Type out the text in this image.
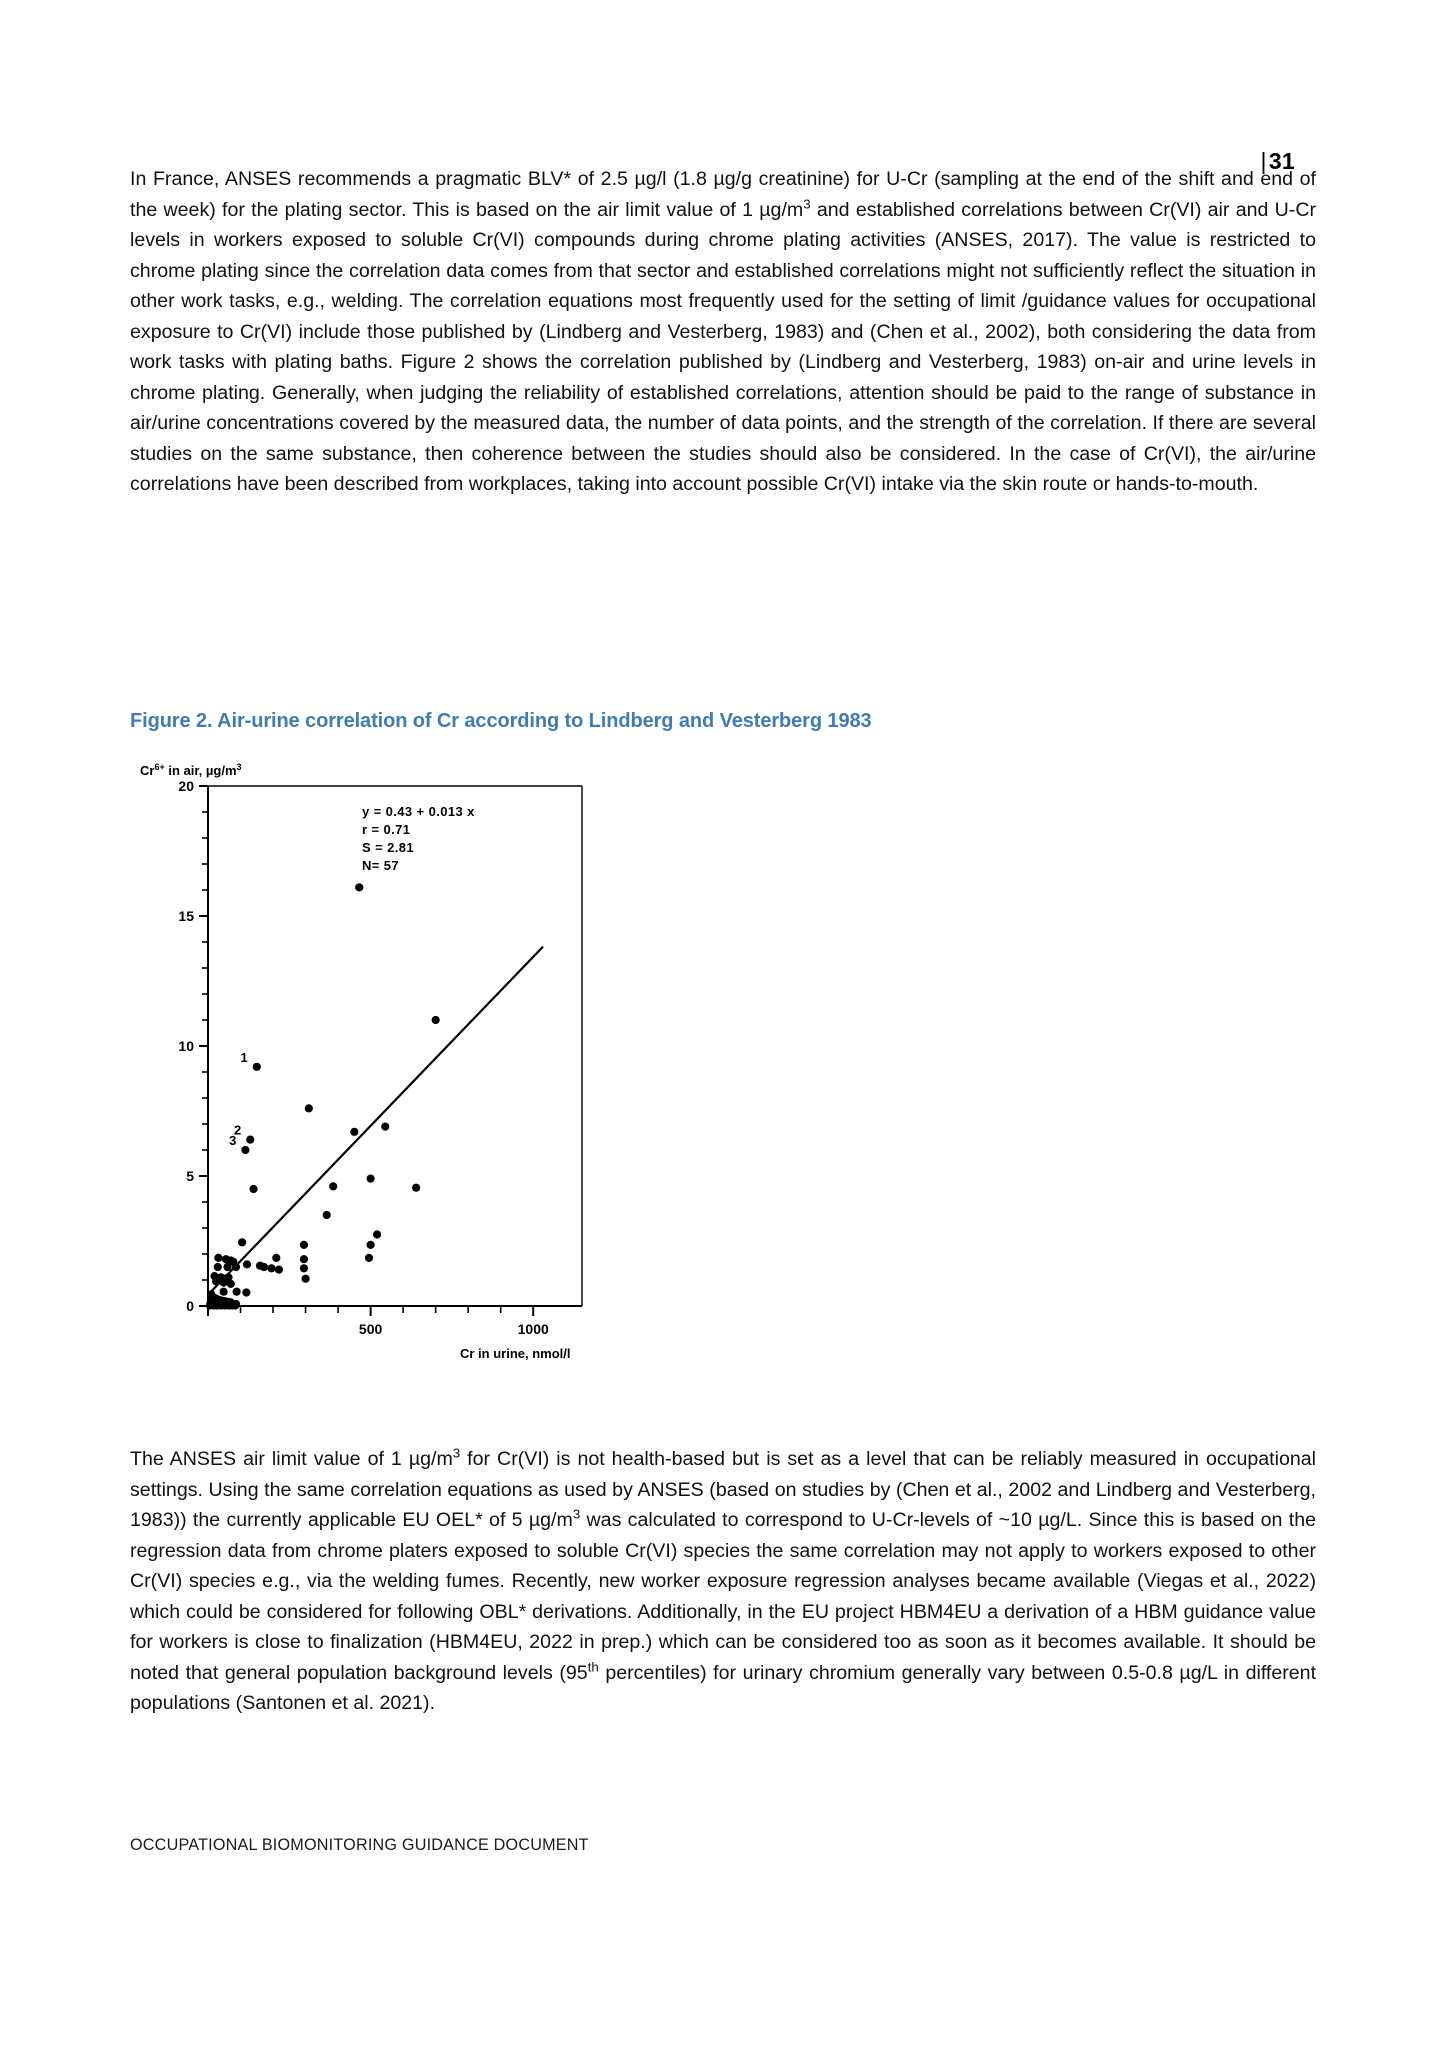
|31
In France, ANSES recommends a pragmatic BLV* of 2.5 µg/l (1.8 µg/g creatinine) for U-Cr (sampling at the end of the shift and end of the week) for the plating sector. This is based on the air limit value of 1 $\mu g/m^3$ and established correlations between Cr(VI) air and U-Cr levels in workers exposed to soluble Cr(VI) compounds during chrome plating activities (ANSES, 2017). The value is restricted to chrome plating since the correlation data comes from that sector and established correlations might not sufficiently reflect the situation in other work tasks, e.g., welding. The correlation equations most frequently used for the setting of limit /guidance values for occupational exposure to Cr(VI) include those published by (Lindberg and Vesterberg, 1983) and (Chen et al., 2002), both considering the data from work tasks with plating baths. Figure 2 shows the correlation published by (Lindberg and Vesterberg, 1983) on-air and urine levels in chrome plating. Generally, when judging the reliability of established correlations, attention should be paid to the range of substance in air/urine concentrations covered by the measured data, the number of data points, and the strength of the correlation. If there are several studies on the same substance, then coherence between the studies should also be considered. In the case of Cr(VI), the air/urine correlations have been described from workplaces, taking into account possible Cr(VI) intake via the skin route or hands-to-mouth.
Figure 2. Air-urine correlation of Cr according to Lindberg and Vesterberg 1983
$Cr^{6+}$ in air, $\mu g/m^3$
0
5
10
15
20
500	1000
1
2
3
y = 0.43 + 0.013 x
r = 0.71
S = 2.81
N= 57
Cr in urine, nmol/l
The ANSES air limit value of 1 $\mu g/m^3$ for Cr(VI) is not health-based but is set as a level that can be reliably measured in occupational settings. Using the same correlation equations as used by ANSES (based on studies by (Chen et al., 2002 and Lindberg and Vesterberg, 1983)) the currently applicable EU OEL* of 5 $\mu g/m^3$ was calculated to correspond to U-Cr-levels of ~10 µg/L. Since this is based on the regression data from chrome platers exposed to soluble Cr(VI) species the same correlation may not apply to workers exposed to other Cr(VI) species e.g., via the welding fumes. Recently, new worker exposure regression analyses became available (Viegas et al., 2022) which could be considered for following OBL* derivations. Additionally, in the EU project HBM4EU a derivation of a HBM guidance value for workers is close to finalization (HBM4EU, 2022 in prep.) which can be considered too as soon as it becomes available. It should be noted that general population background levels (95th percentiles) for urinary chromium generally vary between 0.5-0.8 µg/L in different populations (Santonen et al. 2021).
OCCUPATIONAL BIOMONITORING GUIDANCE DOCUMENT
